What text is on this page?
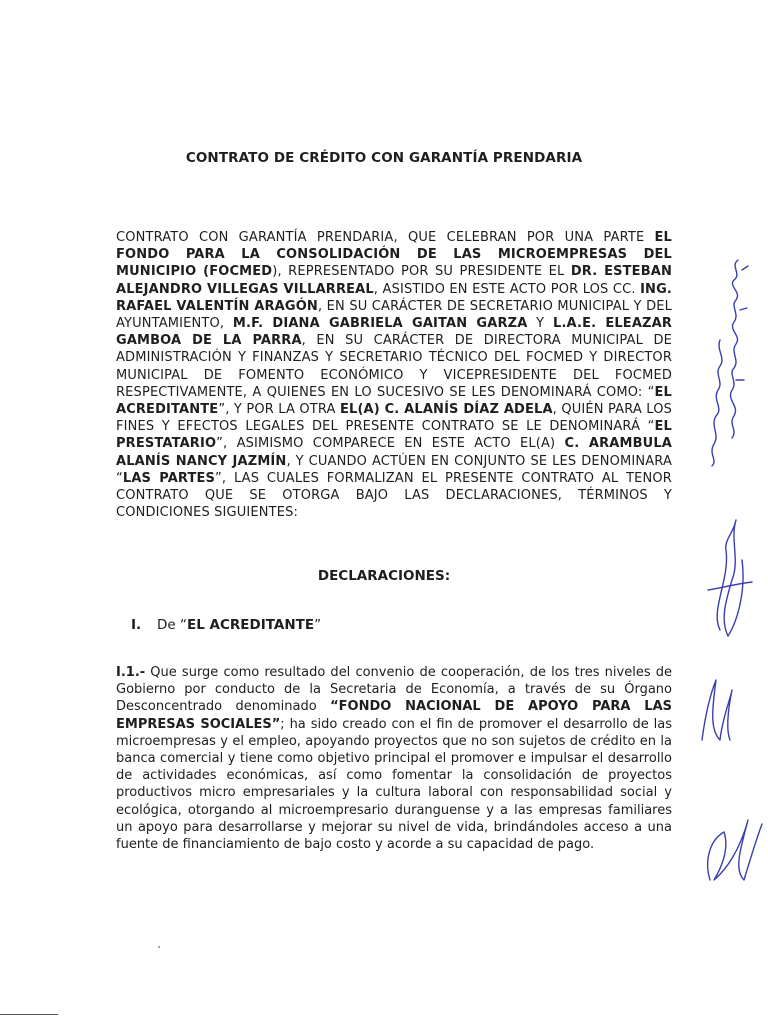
CONTRATO DE CRÉDITO CON GARANTÍA PRENDARIA
CONTRATO CON GARANTÍA PRENDARIA, QUE CELEBRAN POR UNA PARTE EL FONDO PARA LA CONSOLIDACIÓN DE LAS MICROEMPRESAS DEL MUNICIPIO (FOCMED), REPRESENTADO POR SU PRESIDENTE EL DR. ESTEBAN ALEJANDRO VILLEGAS VILLARREAL, ASISTIDO EN ESTE ACTO POR LOS CC. ING. RAFAEL VALENTÍN ARAGÓN, EN SU CARÁCTER DE SECRETARIO MUNICIPAL Y DEL AYUNTAMIENTO, M.F. DIANA GABRIELA GAITAN GARZA Y L.A.E. ELEAZAR GAMBOA DE LA PARRA, EN SU CARÁCTER DE DIRECTORA MUNICIPAL DE ADMINISTRACIÓN Y FINANZAS Y SECRETARIO TÉCNICO DEL FOCMED Y DIRECTOR MUNICIPAL DE FOMENTO ECONÓMICO Y VICEPRESIDENTE DEL FOCMED RESPECTIVAMENTE, A QUIENES EN LO SUCESIVO SE LES DENOMINARÁ COMO: “EL ACREDITANTE”, Y POR LA OTRA EL(A) C. ALANÍS DÍAZ ADELA, QUIÉN PARA LOS FINES Y EFECTOS LEGALES DEL PRESENTE CONTRATO SE LE DENOMINARÁ “EL PRESTATARIO”, ASIMISMO COMPARECE EN ESTE ACTO EL(A) C. ARAMBULA ALANÍS NANCY JAZMÍN, Y CUANDO ACTÚEN EN CONJUNTO SE LES DENOMINARA “LAS PARTES”, LAS CUALES FORMALIZAN EL PRESENTE CONTRATO AL TENOR CONTRATO QUE SE OTORGA BAJO LAS DECLARACIONES, TÉRMINOS Y CONDICIONES SIGUIENTES:
DECLARACIONES:
I. De “EL ACREDITANTE”
I.1.- Que surge como resultado del convenio de cooperación, de los tres niveles de Gobierno por conducto de la Secretaria de Economía, a través de su Órgano Desconcentrado denominado “FONDO NACIONAL DE APOYO PARA LAS EMPRESAS SOCIALES”; ha sido creado con el fin de promover el desarrollo de las microempresas y el empleo, apoyando proyectos que no son sujetos de crédito en la banca comercial y tiene como objetivo principal el promover e impulsar el desarrollo de actividades económicas, así como fomentar la consolidación de proyectos productivos micro empresariales y la cultura laboral con responsabilidad social y ecológica, otorgando al microempresario duranguense y a las empresas familiares un apoyo para desarrollarse y mejorar su nivel de vida, brindándoles acceso a una fuente de financiamiento de bajo costo y acorde a su capacidad de pago.
